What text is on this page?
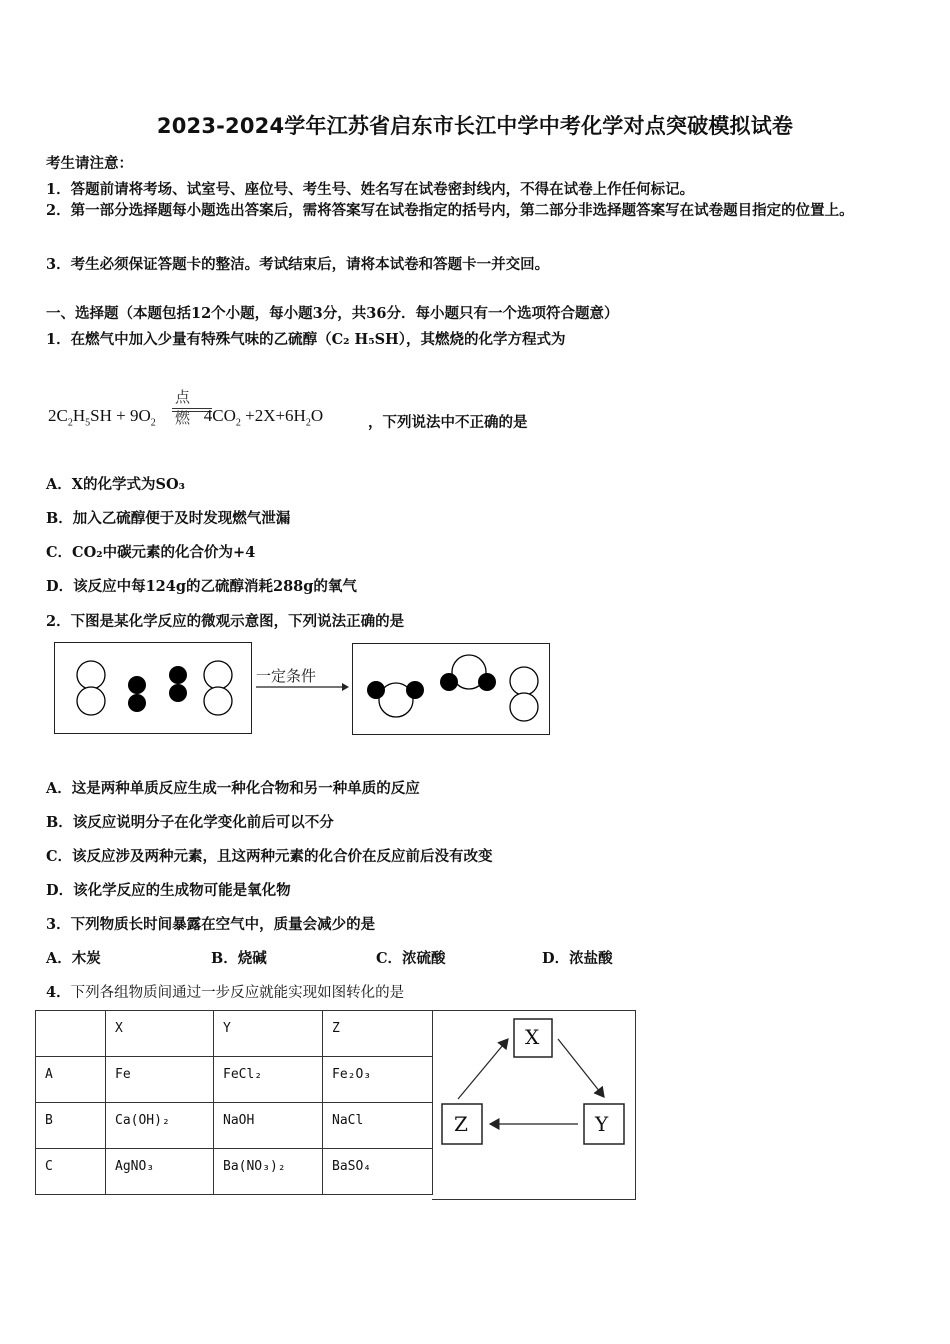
2023-2024学年江苏省启东市长江中学中考化学对点突破模拟试卷
考生请注意：
1．答题前请将考场、试室号、座位号、考生号、姓名写在试卷密封线内，不得在试卷上作任何标记。
2．第一部分选择题每小题选出答案后，需将答案写在试卷指定的括号内，第二部分非选择题答案写在试卷题目指定的位置上。
3．考生必须保证答题卡的整洁。考试结束后，请将本试卷和答题卡一并交回。
一、选择题（本题包括12个小题，每小题3分，共36分．每小题只有一个选项符合题意）
1．在燃气中加入少量有特殊气味的乙硫醇（C₂ H₅SH），其燃烧的化学方程式为
点燃
$2C_2H_5SH + 9O_2$	$4CO_2 +2X+6H_2O$	，下列说法中不正确的是
A．X的化学式为SO₃
B．加入乙硫醇便于及时发现燃气泄漏
C．CO₂中碳元素的化合价为+4
D．该反应中每124g的乙硫醇消耗288g的氧气
2．下图是某化学反应的微观示意图，下列说法正确的是
一定条件
A．这是两种单质反应生成一种化合物和另一种单质的反应
B．该反应说明分子在化学变化前后可以不分
C．该反应涉及两种元素，且这两种元素的化合价在反应前后没有改变
D．该化学反应的生成物可能是氧化物
3．下列物质长时间暴露在空气中，质量会减少的是
A．木炭	B．烧碱	C．浓硫酸	D．浓盐酸
4．下列各组物质间通过一步反应就能实现如图转化的是
	X	Y	Z
A	Fe	FeCl₂	Fe₂O₃
B	Ca(OH)₂	NaOH	NaCl
C	AgNO₃	Ba(NO₃)₂	BaSO₄
X
Y
Z
